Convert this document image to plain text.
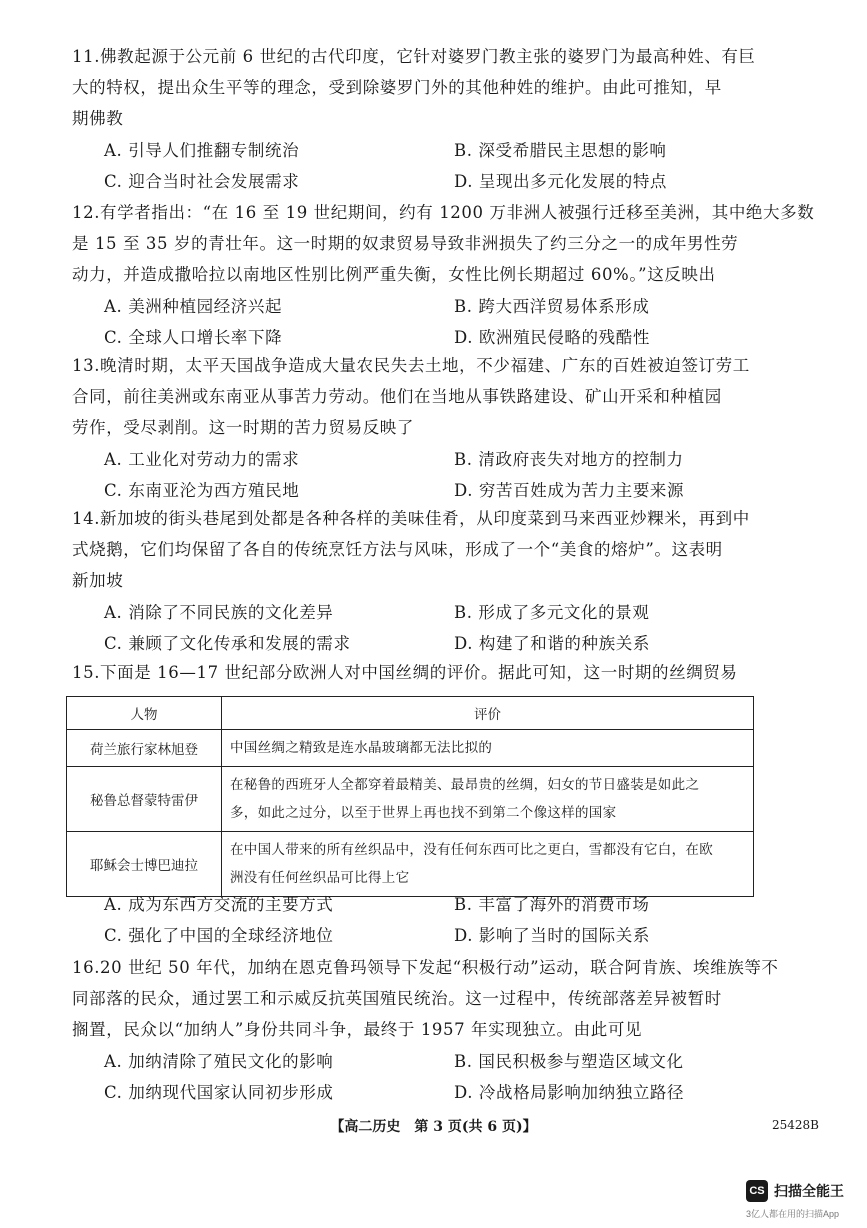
11.佛教起源于公元前 6 世纪的古代印度，它针对婆罗门教主张的婆罗门为最高种姓、有巨
大的特权，提出众生平等的理念，受到除婆罗门外的其他种姓的维护。由此可推知，早
期佛教
A. 引导人们推翻专制统治	B. 深受希腊民主思想的影响
C. 迎合当时社会发展需求	D. 呈现出多元化发展的特点
12.有学者指出：“在 16 至 19 世纪期间，约有 1200 万非洲人被强行迁移至美洲，其中绝大多数
是 15 至 35 岁的青壮年。这一时期的奴隶贸易导致非洲损失了约三分之一的成年男性劳
动力，并造成撒哈拉以南地区性别比例严重失衡，女性比例长期超过 60%。”这反映出
A. 美洲种植园经济兴起	B. 跨大西洋贸易体系形成
C. 全球人口增长率下降	D. 欧洲殖民侵略的残酷性
13.晚清时期，太平天国战争造成大量农民失去土地，不少福建、广东的百姓被迫签订劳工
合同，前往美洲或东南亚从事苦力劳动。他们在当地从事铁路建设、矿山开采和种植园
劳作，受尽剥削。这一时期的苦力贸易反映了
A. 工业化对劳动力的需求	B. 清政府丧失对地方的控制力
C. 东南亚沦为西方殖民地	D. 穷苦百姓成为苦力主要来源
14.新加坡的街头巷尾到处都是各种各样的美味佳肴，从印度菜到马来西亚炒粿米，再到中
式烧鹅，它们均保留了各自的传统烹饪方法与风味，形成了一个“美食的熔炉”。这表明
新加坡
A. 消除了不同民族的文化差异	B. 形成了多元文化的景观
C. 兼顾了文化传承和发展的需求	D. 构建了和谐的种族关系
15.下面是 16—17 世纪部分欧洲人对中国丝绸的评价。据此可知，这一时期的丝绸贸易
人物	评价
荷兰旅行家林旭登	中国丝绸之精致是连水晶玻璃都无法比拟的
秘鲁总督蒙特雷伊	在秘鲁的西班牙人全都穿着最精美、最昂贵的丝绸，妇女的节日盛装是如此之
多，如此之过分，以至于世界上再也找不到第二个像这样的国家
耶稣会士博巴迪拉	在中国人带来的所有丝织品中，没有任何东西可比之更白，雪都没有它白，在欧
洲没有任何丝织品可比得上它
A. 成为东西方交流的主要方式	B. 丰富了海外的消费市场
C. 强化了中国的全球经济地位	D. 影响了当时的国际关系
16.20 世纪 50 年代，加纳在恩克鲁玛领导下发起“积极行动”运动，联合阿肯族、埃维族等不
同部落的民众，通过罢工和示威反抗英国殖民统治。这一过程中，传统部落差异被暂时
搁置，民众以“加纳人”身份共同斗争，最终于 1957 年实现独立。由此可见
A. 加纳清除了殖民文化的影响	B. 国民积极参与塑造区域文化
C. 加纳现代国家认同初步形成	D. 冷战格局影响加纳独立路径
【高二历史　第 3 页(共 6 页)】	25428B
CS 扫描全能王
3亿人都在用的扫描App
